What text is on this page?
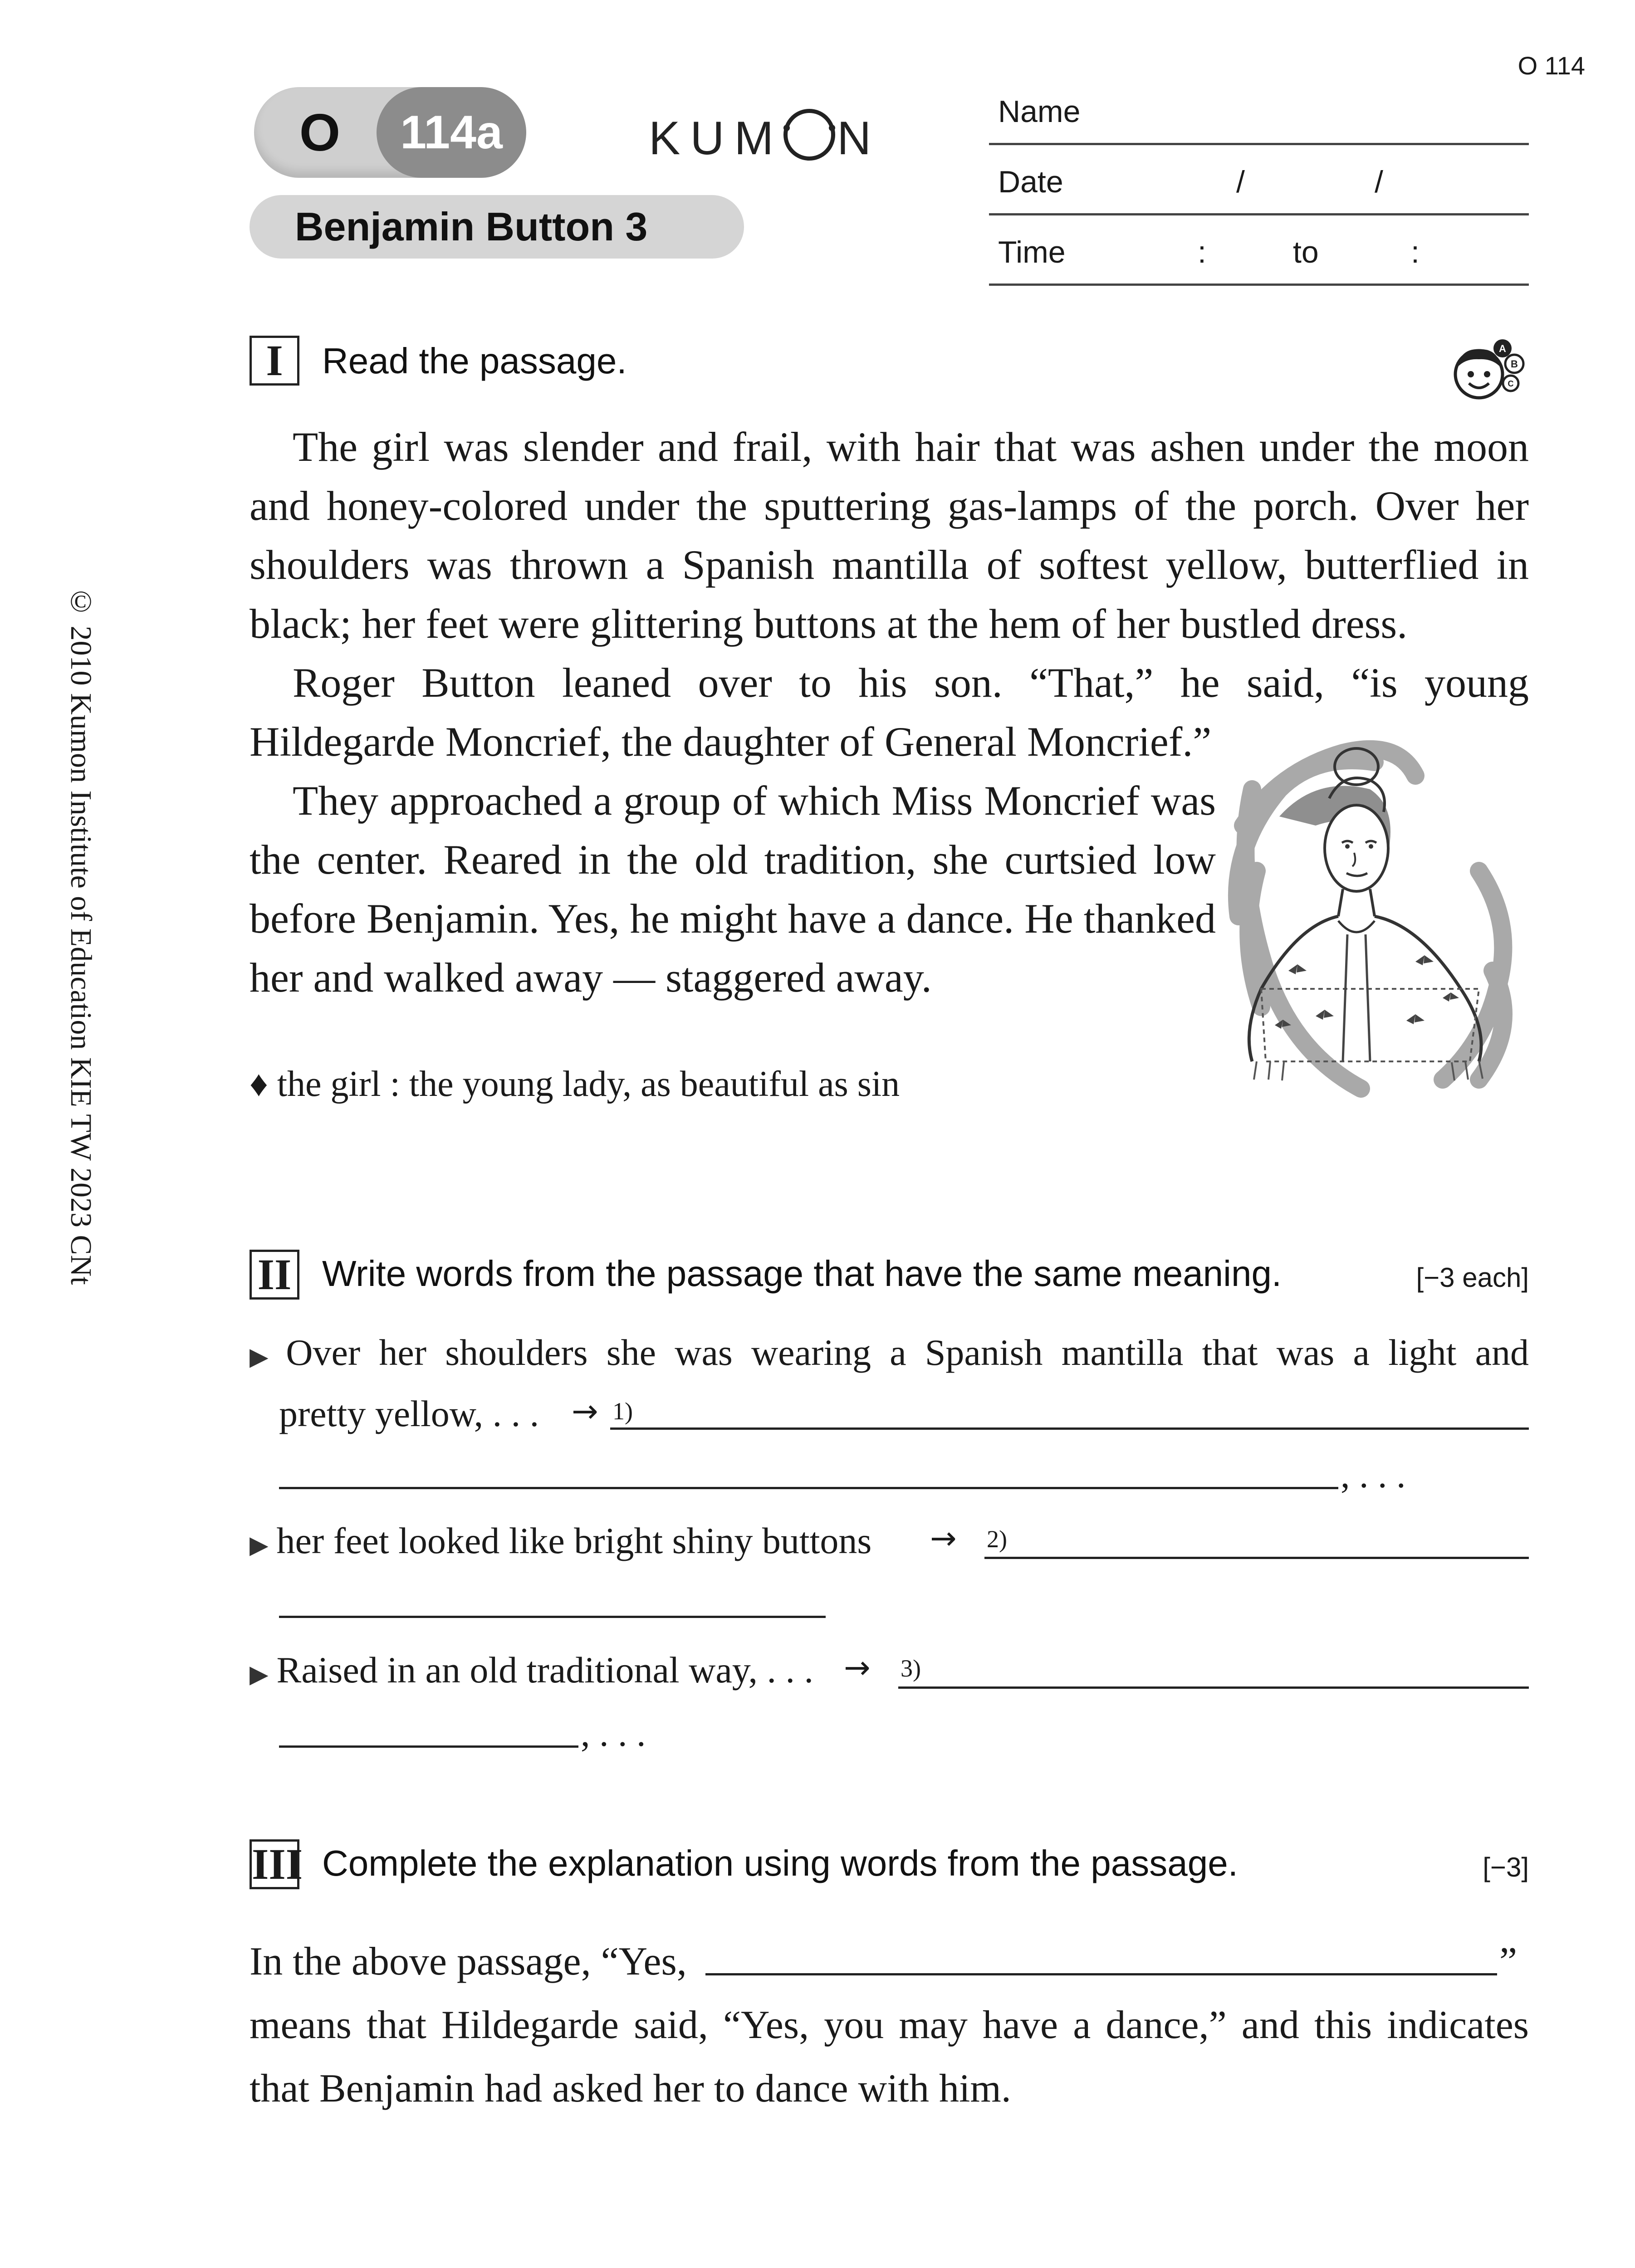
O 114
O	114a	KUM N
Benjamin Button 3
Name
Date	/	/
Time	:	to	:
© 2010 Kumon Institute of Education KIE TW 2023 CNt
I	Read the passage.	A
B
C

The girl was slender and frail, with hair that was ashen under the moon and honey-colored under the sputtering gas-lamps of the porch. Over her shoulders was thrown a Spanish mantilla of softest yellow, butterflied in black; her feet were glittering buttons at the hem of her bustled dress.

Roger Button leaned over to his son. “That,” he said, “is young Hildegarde Moncrief, the daughter of General Moncrief.”

They approached a group of which Miss Moncrief was the center. Reared in the old tradition, she curtsied low before Benjamin. Yes, he might have a dance. He thanked her and walked away — staggered away.

♦ the girl : the young lady, as beautiful as sin
II Write words from the passage that have the same meaning.	[−3 each]
▶ Over her shoulders she was wearing a Spanish mantilla that was a light and
pretty yellow, . . . → 1)
, . . .
▶ her feet looked like bright shiny buttons → 2)
▶ Raised in an old traditional way, . . . → 3)
, . . .
III Complete the explanation using words from the passage.	[−3]
In the above passage, “Yes,	”
means that Hildegarde said, “Yes, you may have a dance,” and this indicates
that Benjamin had asked her to dance with him.
